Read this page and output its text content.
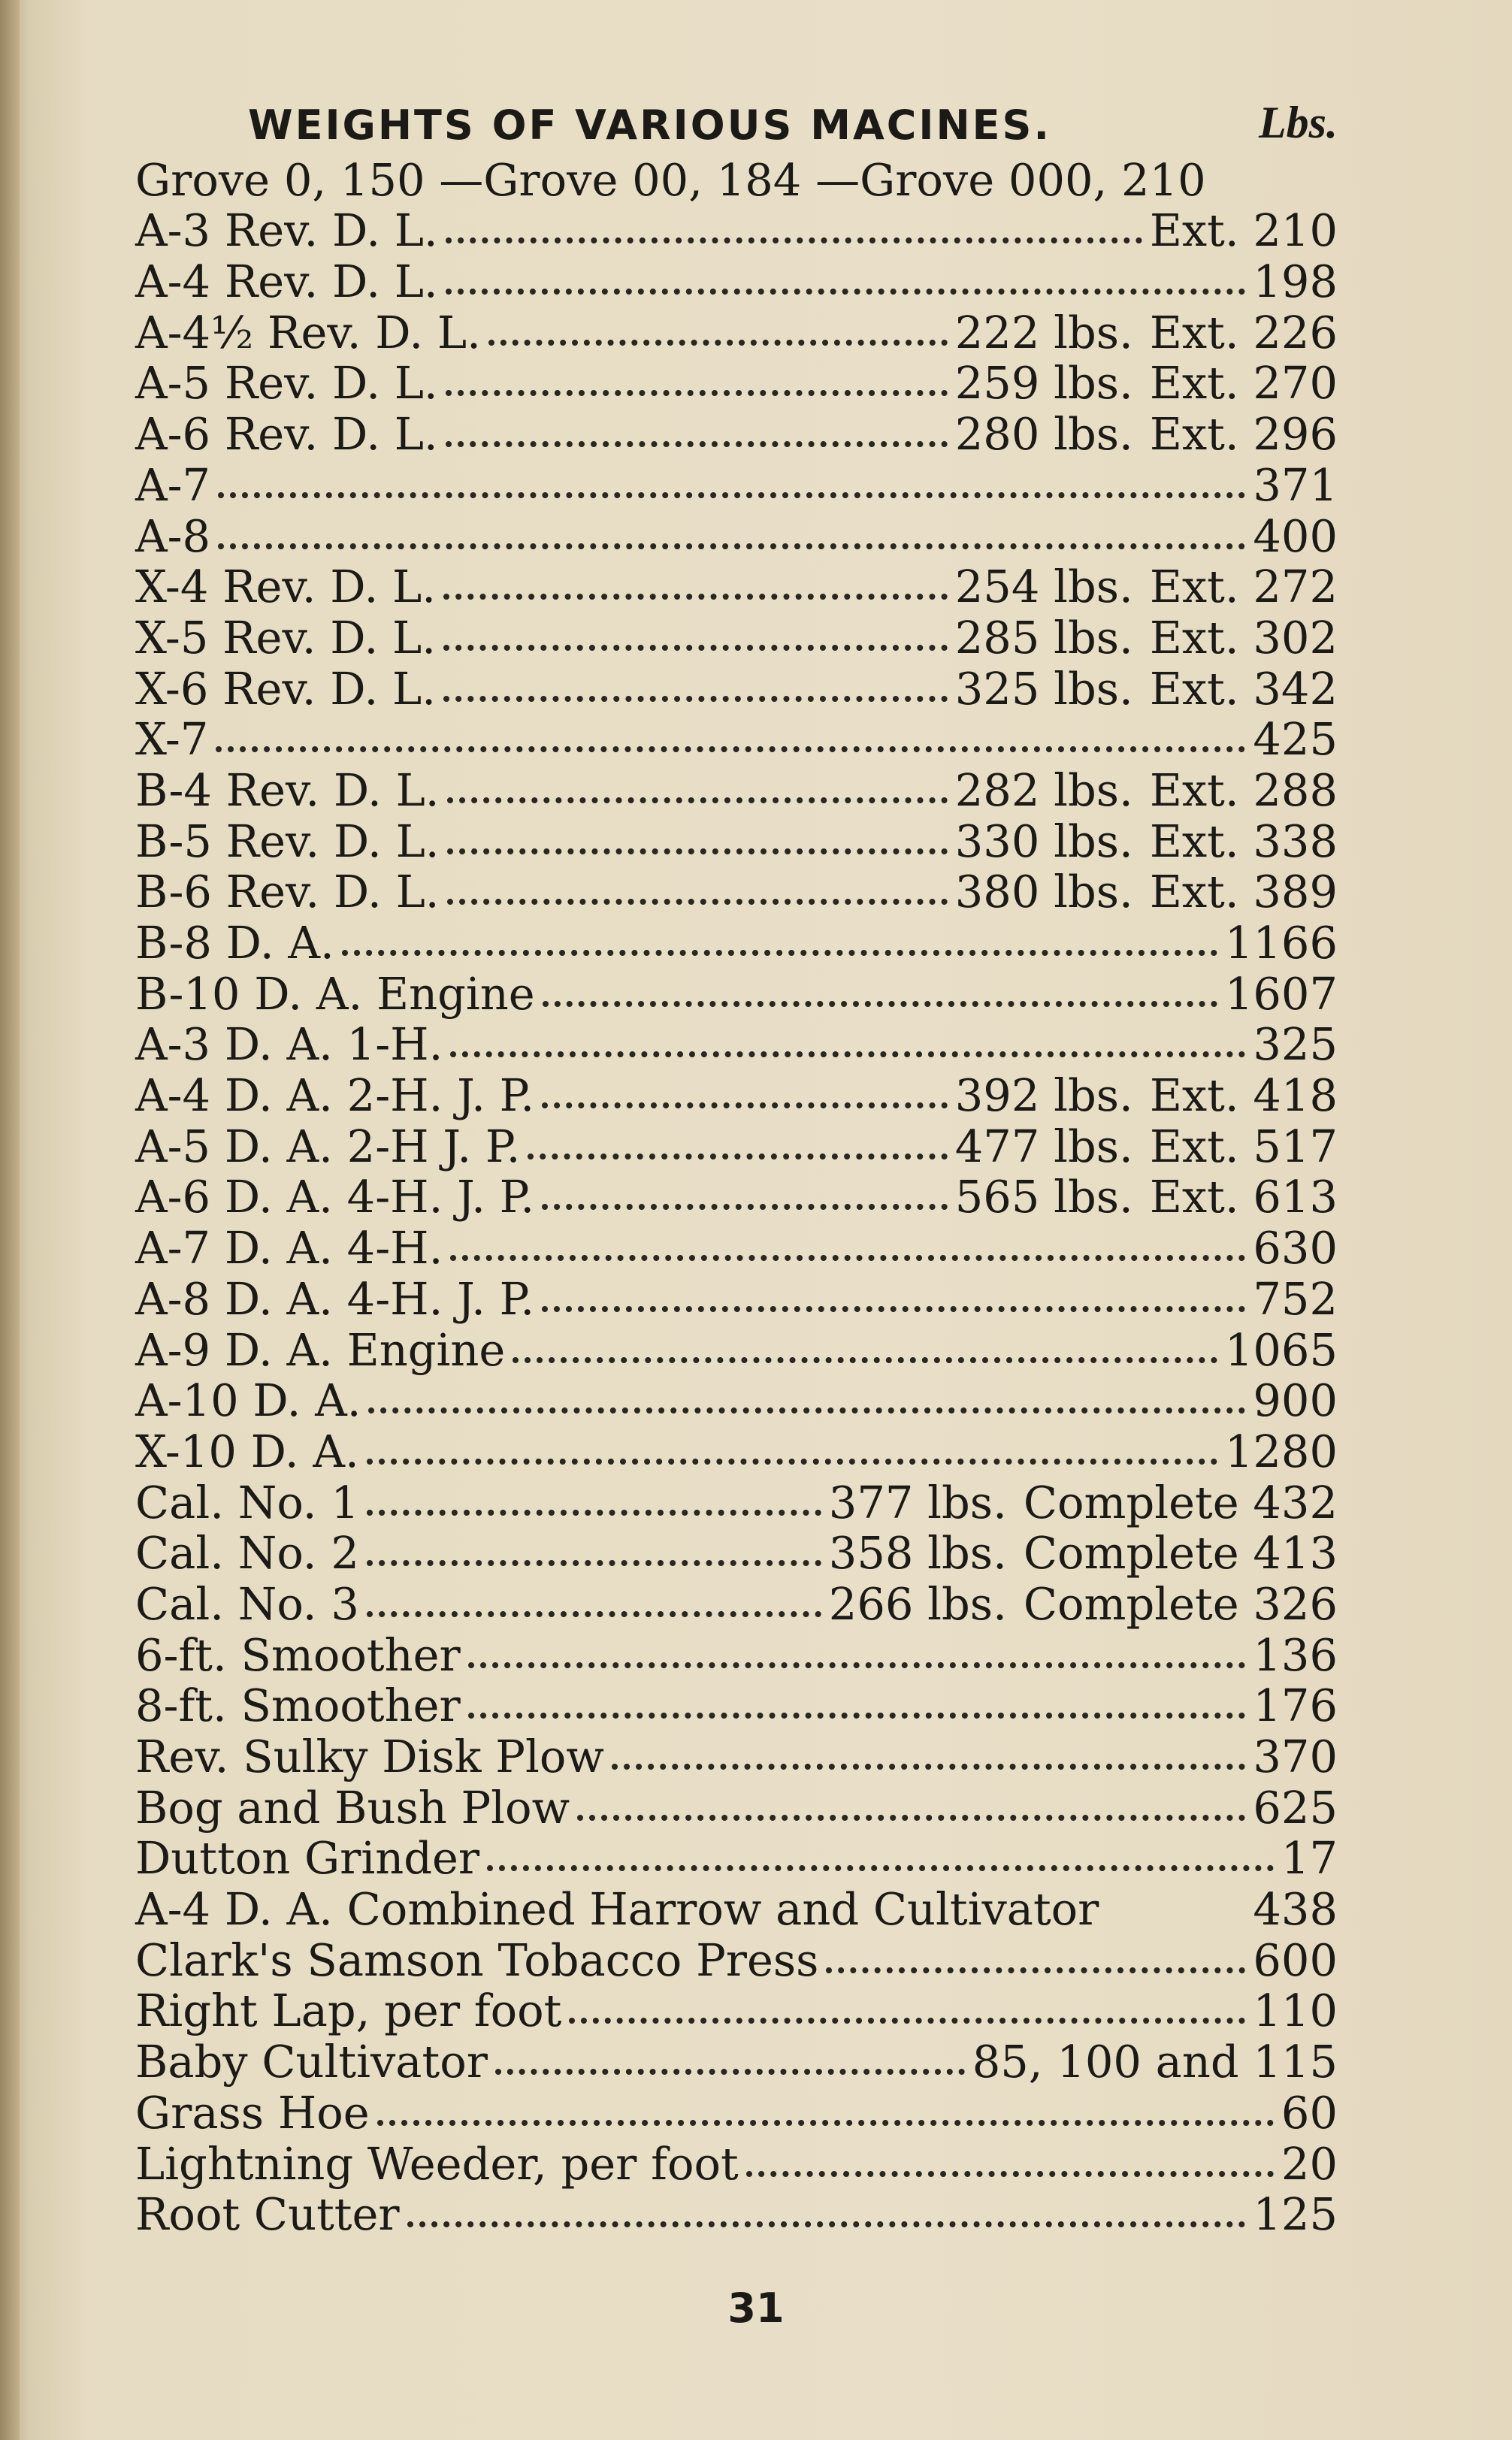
WEIGHTS OF VARIOUS MACINES.	Lbs.
Grove 0, 150 —Grove 00, 184 —Grove 000, 210
A-3 Rev. D. L.	Ext. 210
A-4 Rev. D. L.	198
A-4½ Rev. D. L.	222 lbs. Ext. 226
A-5 Rev. D. L.	259 lbs. Ext. 270
A-6 Rev. D. L.	280 lbs. Ext. 296
A-7	371
A-8	400
X-4 Rev. D. L.	254 lbs. Ext. 272
X-5 Rev. D. L.	285 lbs. Ext. 302
X-6 Rev. D. L.	325 lbs. Ext. 342
X-7	425
B-4 Rev. D. L.	282 lbs. Ext. 288
B-5 Rev. D. L.	330 lbs. Ext. 338
B-6 Rev. D. L.	380 lbs. Ext. 389
B-8 D. A.	1166
B-10 D. A. Engine	1607
A-3 D. A. 1-H.	325
A-4 D. A. 2-H. J. P.	392 lbs. Ext. 418
A-5 D. A. 2-H J. P.	477 lbs. Ext. 517
A-6 D. A. 4-H. J. P.	565 lbs. Ext. 613
A-7 D. A. 4-H.	630
A-8 D. A. 4-H. J. P.	752
A-9 D. A. Engine	1065
A-10 D. A.	900
X-10 D. A.	1280
Cal. No. 1	377 lbs. Complete 432
Cal. No. 2	358 lbs. Complete 413
Cal. No. 3	266 lbs. Complete 326
6-ft. Smoother	136
8-ft. Smoother	176
Rev. Sulky Disk Plow	370
Bog and Bush Plow	625
Dutton Grinder	17
A-4 D. A. Combined Harrow and Cultivator	438
Clark's Samson Tobacco Press	600
Right Lap, per foot	110
Baby Cultivator	85, 100 and 115
Grass Hoe	60
Lightning Weeder, per foot	20
Root Cutter	125
31
